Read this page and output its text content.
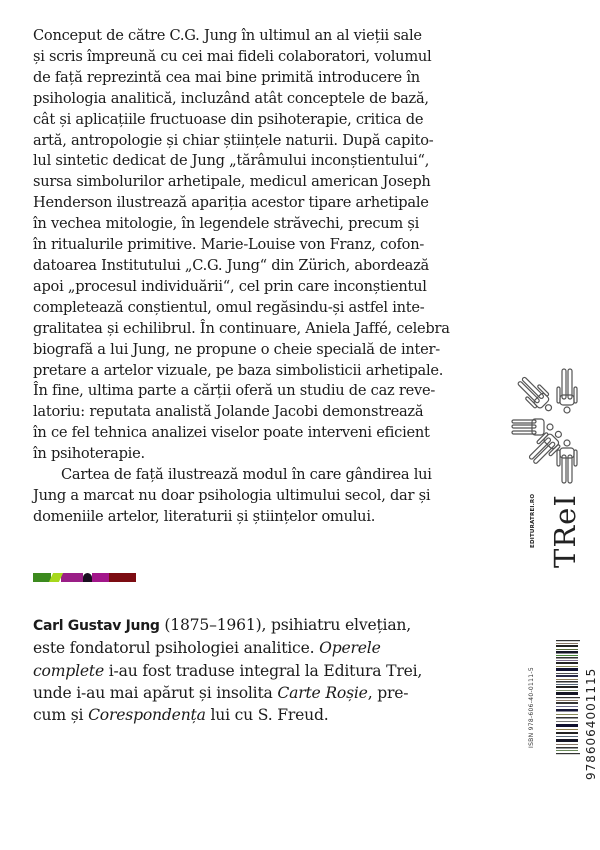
Conceput de către C.G. Jung în ultimul an al vieții sale
și scris împreună cu cei mai fideli colaboratori, volumul
de față reprezintă cea mai bine primită introducere în
psihologia analitică, incluzând atât conceptele de bază,
cât și aplicațiile fructuoase din psihoterapie, critica de
artă, antropologie și chiar științele naturii. După capito-
lul sintetic dedicat de Jung „tărâmului inconștientului“,
sursa simbolurilor arhetipale, medicul american Joseph
Henderson ilustrează apariția acestor tipare arhetipale
în vechea mitologie, în legendele străvechi, precum și
în ritualurile primitive. Marie-Louise von Franz, cofon-
datoarea Institutului „C.G. Jung“ din Zürich, abordează
apoi „procesul individuării“, cel prin care inconștientul
completează conștientul, omul regăsindu-și astfel inte-
gralitatea și echilibrul. În continuare, Aniela Jaffé, celebra
biografă a lui Jung, ne propune o cheie specială de inter-
pretare a artelor vizuale, pe baza simbolisticii arhetipale.
În fine, ultima parte a cărții oferă un studiu de caz reve-
latoriu: reputata analistă Jolande Jacobi demonstrează
în ce fel tehnica analizei viselor poate interveni eficient
în psihoterapie.

Cartea de față ilustrează modul în care gândirea lui
Jung a marcat nu doar psihologia ultimului secol, dar și
domeniile artelor, literaturii și științelor omului.

Carl Gustav Jung (1875–1961), psihiatru elvețian,
este fondatorul psihologiei analitice. Operele
complete i-au fost traduse integral la Editura Trei,
unde i-au mai apărut și insolita Carte Roșie, pre-
cum și Corespondența lui cu S. Freud.
EDITURATREI.RO TReI
ISBN 978-606-40-0111-5	9786064001115
